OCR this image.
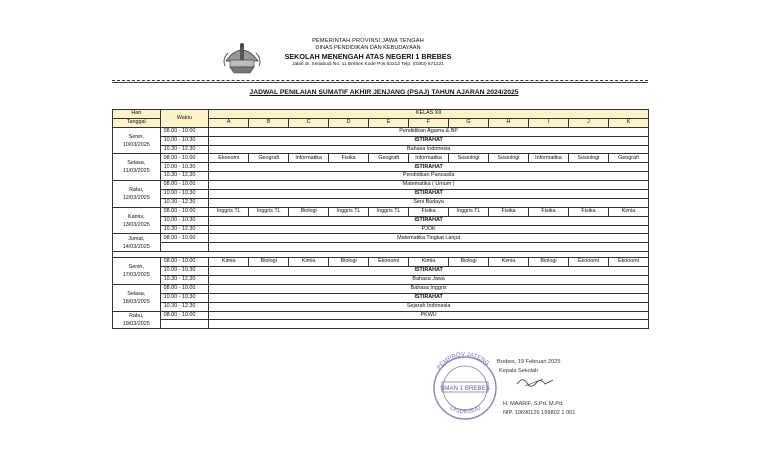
PEMERINTAH PROVINSI JAWA TENGAH
DINAS PENDIDIKAN DAN KEBUDAYAAN
SEKOLAH MENENGAH ATAS NEGERI 1 BREBES
Jalan dr. Setiabudi No. 11 Brebes Kode Pos 52212 Telp. (0283) 671221
JADWAL PENILAIAN SUMATIF AKHIR JENJANG (PSAJ) TAHUN AJARAN 2024/2025
Hari	Waktu	KELAS XII										
Tanggal		A	B	C	D	E	F	G	H	I	J	K

Senin,
10/03/2025	08.00 - 10.00	Pendidikan Agama & BP										
	10.00 - 10.30	ISTIRAHAT										
	10.30 - 12.30	Bahasa Indonesia										

Selasa,
11/03/2025	08.00 - 10.00	Ekonomi	Geografi	Informatika	Fisika	Geografi	Informatika	Sosiologi	Sosiologi	Informatika	Sosiologi	Geografi
	10.00 - 10.30	ISTIRAHAT										
	10.30 - 12.30	Pendidikan Pancasila										

Rabu,
12/03/2025	08.00 - 10.00	Matematika ( Umum )										
	10.00 - 10.30	ISTIRAHAT										
	10.30 - 12.30	Seni Budaya										

Kamis,
13/03/2025	08.00 - 10.00	Inggris TL	Inggris TL	Biologi	Inggris TL	Inggris TL	Fisika	Inggris TL	Fisika	Fisika	Fisika	Kimia
	10.00 - 10.30	ISTIRAHAT										
	10.30 - 12.30	PJOK										

Jumat,
14/03/2025	08.00 - 10.00	Matematika Tingkat Lanjut										

Senin,
17/03/2025	08.00 - 10.00	Kimia	Biologi	Kimia	Biologi	Ekonomi	Kimia	Biologi	Kimia	Biologi	Ekonomi	Ekonomi
	10.00 - 10.30	ISTIRAHAT										
	10.30 - 12.30	Bahasa Jawa										

Selasa,
18/03/2025	08.00 - 10.00	Bahasa Inggris										
	10.00 - 10.30	ISTIRAHAT										
	10.30 - 12.30	Sejarah Indonesia										

Rabu,
19/03/2025	08.00 - 10.00	PKWU										

PEMPROV JATENG
DISDIKBUD
SMAN 1 BREBES
Brebes, 19 Februari 2025
Kepala Sekolah
H. MAARIF, S.Pd, M.Pd.
NIP. 19690126 199802 1 001
